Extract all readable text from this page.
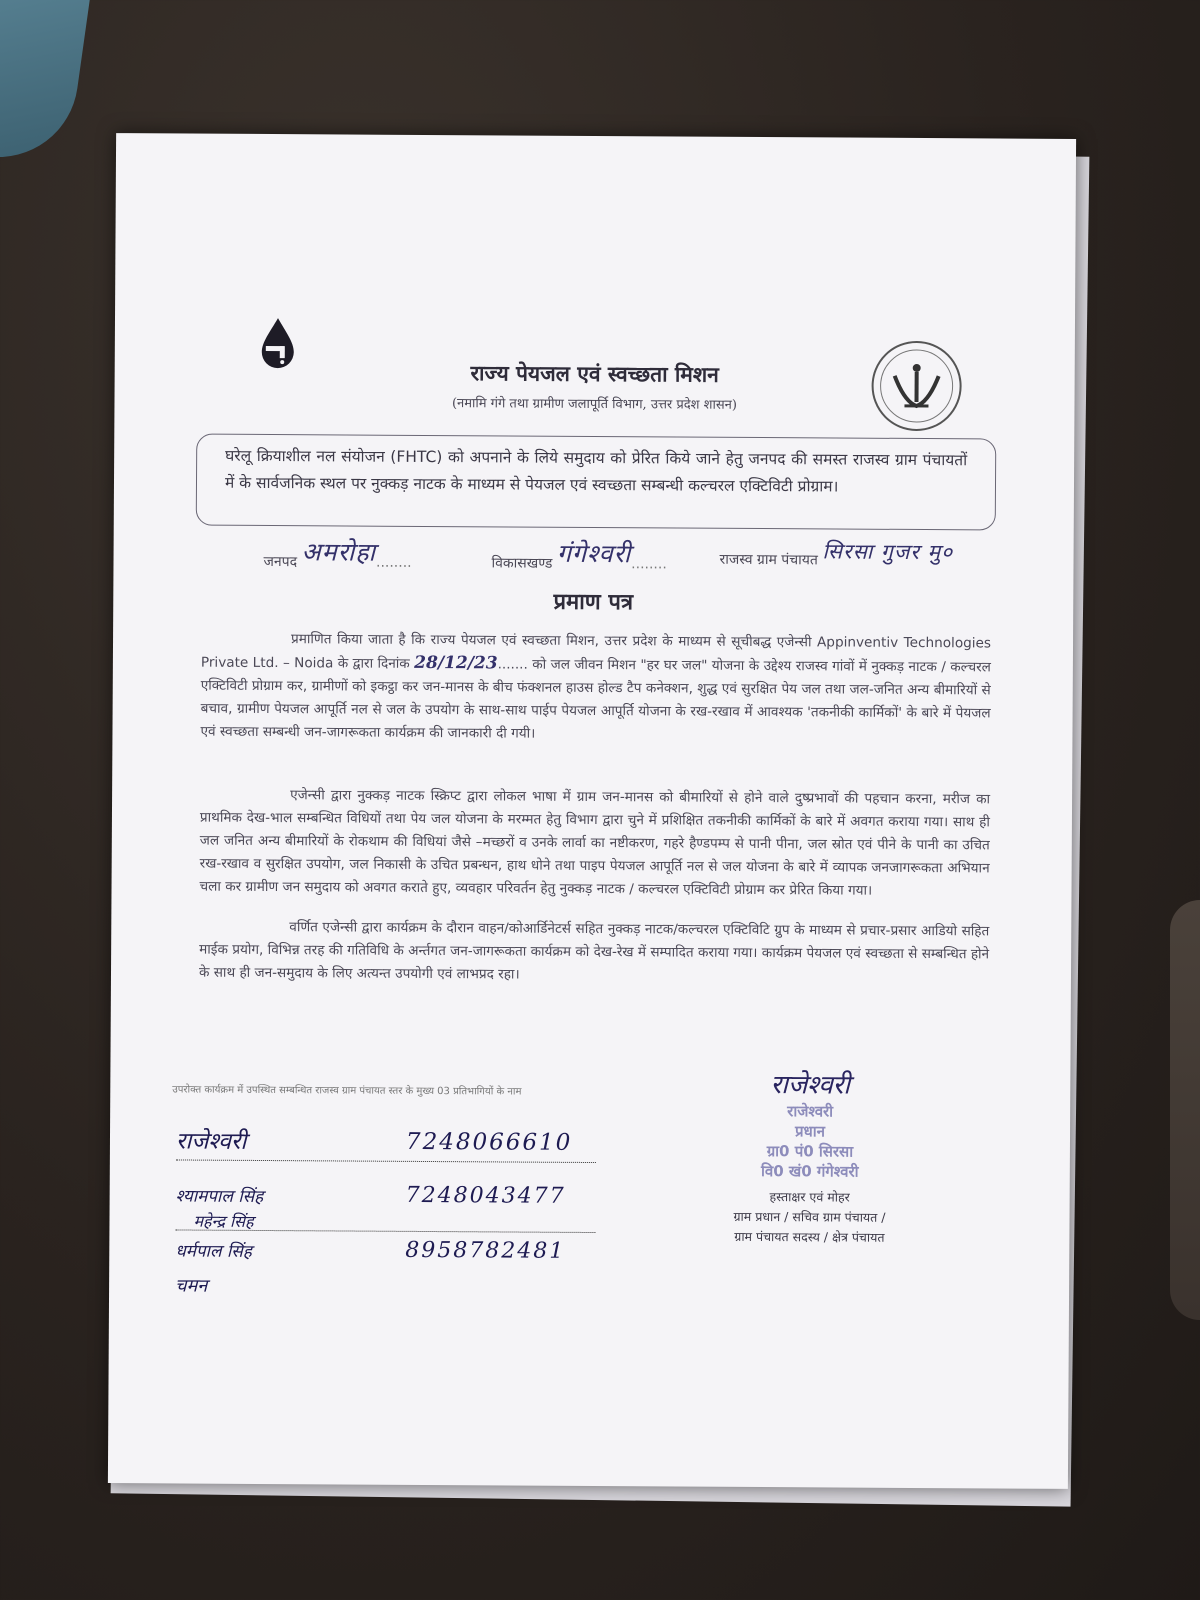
राज्य पेयजल एवं स्वच्छता मिशन
(नमामि गंगे तथा ग्रामीण जलापूर्ति विभाग, उत्तर प्रदेश शासन)
घरेलू क्रियाशील नल संयोजन (FHTC) को अपनाने के लिये समुदाय को प्रेरित किये जाने हेतु जनपद की समस्त राजस्व ग्राम पंचायतों में के सार्वजनिक स्थल पर नुक्कड़ नाटक के माध्यम से पेयजल एवं स्वच्छता सम्बन्धी कल्चरल एक्टिविटी प्रोग्राम।
जनपद अमरोहा........	विकासखण्ड गंगेश्वरी........	राजस्व ग्राम पंचायत सिरसा गुजर मु०
प्रमाण पत्र
प्रमाणित किया जाता है कि राज्य पेयजल एवं स्वच्छता मिशन, उत्तर प्रदेश के माध्यम से सूचीबद्ध एजेन्सी Appinventiv Technologies Private Ltd. – Noida के द्वारा दिनांक 28/12/23....... को जल जीवन मिशन "हर घर जल" योजना के उद्देश्य राजस्व गांवों में नुक्कड़ नाटक / कल्चरल एक्टिविटी प्रोग्राम कर, ग्रामीणों को इकट्ठा कर जन-मानस के बीच फंक्शनल हाउस होल्ड टैप कनेक्शन, शुद्ध एवं सुरक्षित पेय जल तथा जल-जनित अन्य बीमारियों से बचाव, ग्रामीण पेयजल आपूर्ति नल से जल के उपयोग के साथ-साथ पाईप पेयजल आपूर्ति योजना के रख-रखाव में आवश्यक 'तकनीकी कार्मिकों' के बारे में पेयजल एवं स्वच्छता सम्बन्धी जन-जागरूकता कार्यक्रम की जानकारी दी गयी।
एजेन्सी द्वारा नुक्कड़ नाटक स्क्रिप्ट द्वारा लोकल भाषा में ग्राम जन-मानस को बीमारियों से होने वाले दुष्प्रभावों की पहचान करना, मरीज का प्राथमिक देख-भाल सम्बन्धित विधियों तथा पेय जल योजना के मरम्मत हेतु विभाग द्वारा चुने में प्रशिक्षित तकनीकी कार्मिकों के बारे में अवगत कराया गया। साथ ही जल जनित अन्य बीमारियों के रोकथाम की विधियां जैसे –मच्छरों व उनके लार्वा का नष्टीकरण, गहरे हैण्डपम्प से पानी पीना, जल स्रोत एवं पीने के पानी का उचित रख-रखाव व सुरक्षित उपयोग, जल निकासी के उचित प्रबन्धन, हाथ धोने तथा पाइप पेयजल आपूर्ति नल से जल योजना के बारे में व्यापक जनजागरूकता अभियान चला कर ग्रामीण जन समुदाय को अवगत कराते हुए, व्यवहार परिवर्तन हेतु नुक्कड़ नाटक / कल्चरल एक्टिविटी प्रोग्राम कर प्रेरित किया गया।
वर्णित एजेन्सी द्वारा कार्यक्रम के दौरान वाहन/कोआर्डिनेटर्स सहित नुक्कड़ नाटक/कल्चरल एक्टिविटि ग्रुप के माध्यम से प्रचार-प्रसार आडियो सहित माईक प्रयोग, विभिन्न तरह की गतिविधि के अर्न्तगत जन-जागरूकता कार्यक्रम को देख-रेख में सम्पादित कराया गया। कार्यक्रम पेयजल एवं स्वच्छता से सम्बन्धित होने के साथ ही जन-समुदाय के लिए अत्यन्त उपयोगी एवं लाभप्रद रहा।
उपरोक्त कार्यक्रम में उपस्थित सम्बन्धित राजस्व ग्राम पंचायत स्तर के मुख्य 03 प्रतिभागियों के नाम
राजेश्वरी	7248066610
श्यामपाल सिंह	7248043477
महेन्द्र सिंह
धर्मपाल सिंह	8958782481
चमन
राजेश्वरी
राजेश्वरी
प्रधान
ग्रा0 पं0 सिरसा
वि0 खं0 गंगेश्वरी
हस्ताक्षर एवं मोहर
ग्राम प्रधान / सचिव ग्राम पंचायत /
ग्राम पंचायत सदस्य / क्षेत्र पंचायत
